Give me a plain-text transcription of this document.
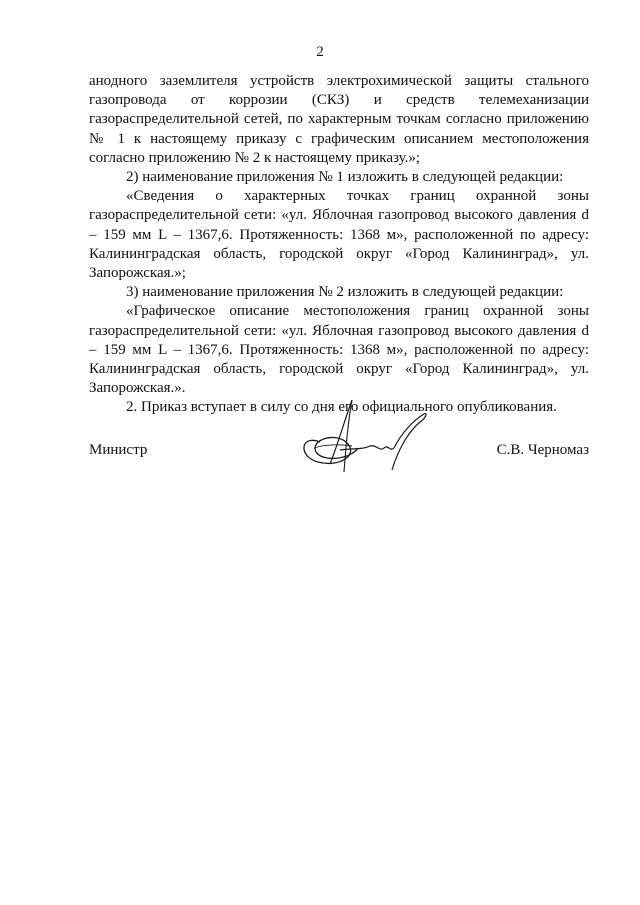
2

анодного заземлителя устройств электрохимической защиты стального газопровода от коррозии (СКЗ) и средств телемеханизации газораспределительной сетей, по характерным точкам согласно приложению № 1 к настоящему приказу с графическим описанием местоположения согласно приложению № 2 к настоящему приказу.»;

2) наименование приложения № 1 изложить в следующей редакции:

«Сведения о характерных точках границ охранной зоны газораспределительной сети: «ул. Яблочная газопровод высокого давления d – 159 мм L – 1367,6. Протяженность: 1368 м», расположенной по адресу: Калининградская область, городской округ «Город Калининград», ул. Запорожская.»;

3) наименование приложения № 2 изложить в следующей редакции:

«Графическое описание местоположения границ охранной зоны газораспределительной сети: «ул. Яблочная газопровод высокого давления d – 159 мм L – 1367,6. Протяженность: 1368 м», расположенной по адресу: Калининградская область, городской округ «Город Калининград», ул. Запорожская.».

2. Приказ вступает в силу со дня его официального опубликования.

Министр	С.В. Черномаз
